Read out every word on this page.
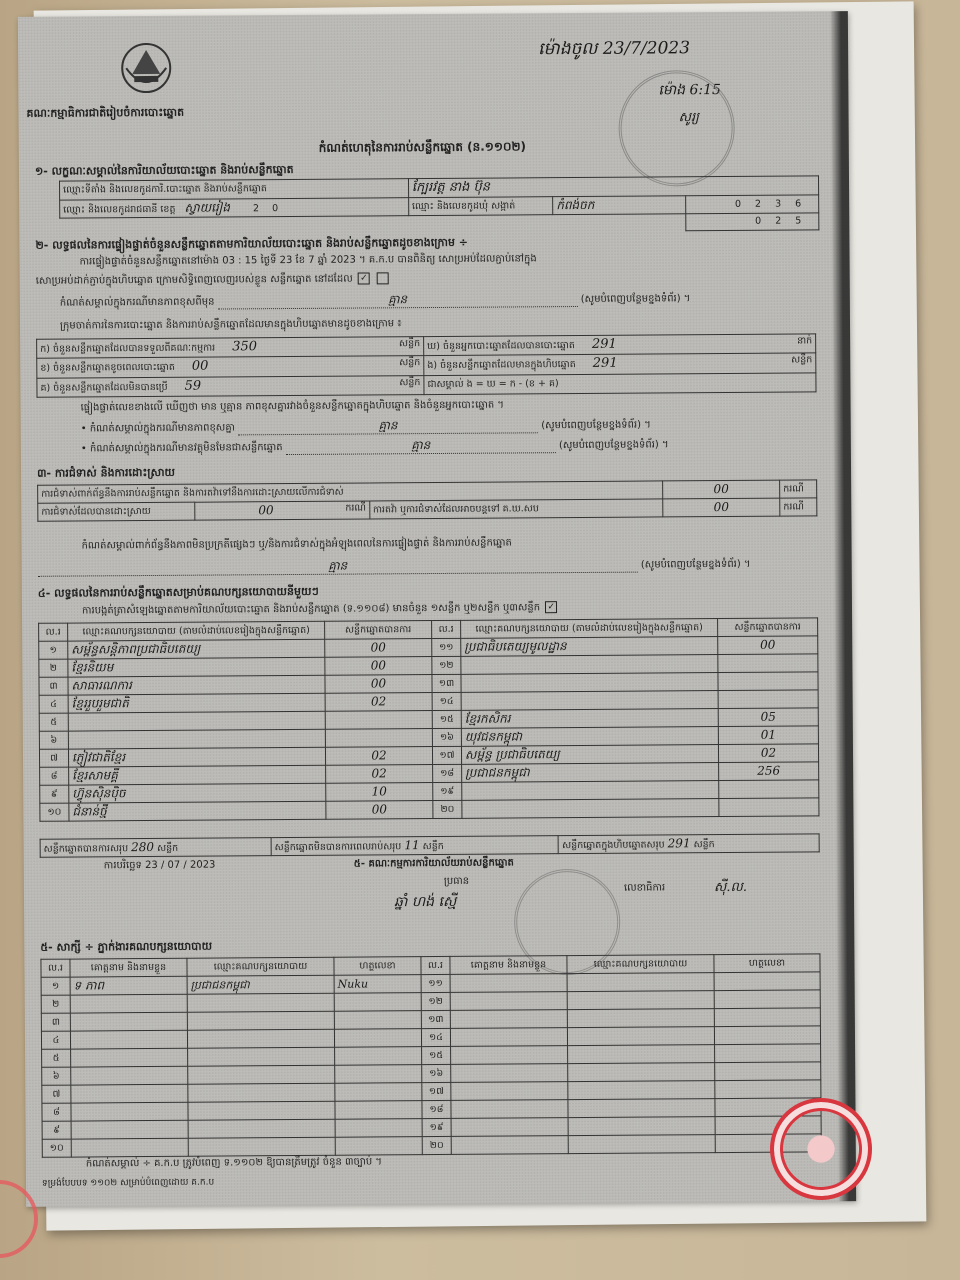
គណៈកម្មាធិការជាតិរៀបចំការបោះឆ្នោត
ម៉ោងចូល 23/7/2023
ម៉ោង 6:15
សូរ្យ
កំណត់ហេតុនៃការរាប់សន្លឹកឆ្នោត (ន.១១០២)
១- លក្ខណៈសម្គាល់នៃការិយាល័យបោះឆ្នោត និងរាប់សន្លឹកឆ្នោត
ឈ្មោះទីតាំង និងលេខកូដការិ.បោះឆ្នោត និងរាប់សន្លឹកឆ្នោត	ក្បែរវត្ត នាង ប៊ុន		
ឈ្មោះ និងលេខកូដរាជធានី ខេត្ត ស្វាយរៀង 2 0	ឈ្មោះ និងលេខកូដឃុំ សង្កាត់	កំពង់ចក	0236
			025
២- លទ្ធផលនៃការផ្ទៀងផ្ទាត់ចំនួនសន្លឹកឆ្នោតតាមការិយាល័យបោះឆ្នោត និងរាប់សន្លឹកឆ្នោតដូចខាងក្រោម ÷
ការផ្ទៀងផ្ទាត់ចំនួនសន្លឹកឆ្នោតនៅម៉ោង 03 : 15 ថ្ងៃទី 23 ខែ 7 ឆ្នាំ 2023 ។ គ.ក.ប បានពិនិត្យ សោប្រអប់ដែលភ្ជាប់នៅក្នុង
សោប្រអប់ដាក់ភ្ជាប់ក្នុងហិបឆ្នោត ក្រោមសិទ្ធិពេញលេញរបស់ខ្លួន សន្លឹកឆ្នោត នៅដដែល ✓
កំណត់សម្គាល់ក្នុងករណីមានភាពខុសពីមុន	គ្មាន	(សូមបំពេញបន្ថែមខ្នងទំព័រ) ។
ក្រុមចាត់ការនៃការបោះឆ្នោត និងការរាប់សន្លឹកឆ្នោតដែលមានក្នុងហិបឆ្នោតមានដូចខាងក្រោម ៖
ក) ចំនួនសន្លឹកឆ្នោតដែលបានទទួលពីគណៈកម្មការ 350 សន្លឹក	ឃ) ចំនួនអ្នកបោះឆ្នោតដែលបានបោះឆ្នោត 291 នាក់

ខ) ចំនួនសន្លឹកឆ្នោតខូចពេលបោះឆ្នោត 00 សន្លឹក	ង) ចំនួនសន្លឹកឆ្នោតដែលមានក្នុងហិបឆ្នោត 291 សន្លឹក

គ) ចំនួនសន្លឹកឆ្នោតដែលមិនបានប្រើ 59 សន្លឹក	ជាសម្គាល់ ង = ឃ = ក - (ខ + គ)
ផ្ទៀងផ្ទាត់លេខខាងលើ ឃើញថា មាន ឬគ្មាន ភាពខុសគ្នារវាងចំនួនសន្លឹកឆ្នោតក្នុងហិបឆ្នោត និងចំនួនអ្នកបោះឆ្នោត ។
• កំណត់សម្គាល់ក្នុងករណីមានភាពខុសគ្នា	គ្មាន	(សូមបំពេញបន្ថែមខ្នងទំព័រ) ។
• កំណត់សម្គាល់ក្នុងករណីមានវត្ថុមិនមែនជាសន្លឹកឆ្នោត	គ្មាន	(សូមបំពេញបន្ថែមខ្នងទំព័រ) ។
៣- ការជំទាស់ និងការដោះស្រាយ
ការជំទាស់ពាក់ព័ន្ធនឹងការរាប់សន្លឹកឆ្នោត និងការតវ៉ាទៅនឹងការដោះស្រាយលើការជំទាស់			00	ករណី
ការជំទាស់ដែលបានដោះស្រាយ	00 ករណី	ការតវ៉ា ឬការជំទាស់ដែលអាចបន្តទៅ គ.ឃ.សប	00	ករណី
កំណត់សម្គាល់ពាក់ព័ន្ធនឹងភាពមិនប្រក្រតីផ្សេងៗ ឬ/និងការជំទាស់ក្នុងអំឡុងពេលនៃការផ្ទៀងផ្ទាត់ និងការរាប់សន្លឹកឆ្នោត
គ្មាន	(សូមបំពេញបន្ថែមខ្នងទំព័រ) ។
៤- លទ្ធផលនៃការរាប់សន្លឹកឆ្នោតសម្រាប់គណបក្សនយោបាយនីមួយៗ
ការបង្កត់ត្រាសំឡេងឆ្នោតតាមការិយាល័យបោះឆ្នោត និងរាប់សន្លឹកឆ្នោត (ទ.១១០៨) មានចំនួន ១សន្លឹក ឬ២សន្លឹក ឬ៣សន្លឹក ✓
ល.រ	ឈ្មោះគណបក្សនយោបាយ (តាមលំដាប់លេខរៀងក្នុងសន្លឹកឆ្នោត)	សន្លឹកឆ្នោតបានការ	ល.រ	ឈ្មោះគណបក្សនយោបាយ (តាមលំដាប់លេខរៀងក្នុងសន្លឹកឆ្នោត)	សន្លឹកឆ្នោតបានការ
១	សម្ព័ន្ធសន្តិភាពប្រជាធិបតេយ្យ	00	១១	ប្រជាធិបតេយ្យមូលដ្ឋាន	00
២	ខ្មែរនិយម	00	១២		
៣	សាធារណការ	00	១៣		
៤	ខ្មែររួបរួមជាតិ	02	១៤		
៥			១៥	ខ្មែរកសិករ	05
៦			១៦	យុវជនកម្ពុជា	01
៧	ភ្ញៀវជាតិខ្មែរ	02	១៧	សម្ព័ន្ធ ប្រជាធិបតេយ្យ	02
៨	ខ្មែរសាមគ្គី	02	១៨	ប្រជាជនកម្ពុជា	256
៩	ហ៊្វុនស៊ិនប៉ិច	10	១៩		
១០	ជំនាន់ថ្មី	00	២០		
សន្លឹកឆ្នោតបានការសរុប 280 សន្លឹក	សន្លឹកឆ្នោតមិនបានការពេលរាប់សរុប 11 សន្លឹក	សន្លឹកឆ្នោតក្នុងហិបឆ្នោតសរុប 291 សន្លឹក
ការបរិច្ឆេទ 23 / 07 / 2023	៥- គណៈកម្មការការិយាល័យរាប់សន្លឹកឆ្នោត
ប្រធាន
ឆ្នាំ ហង់ ស្មើ
លេខាធិការ	ស៊ី.ល.
៥- សាក្សី ÷ ភ្នាក់ងារគណបក្សនយោបាយ
ល.រ	គោត្តនាម និងនាមខ្លួន	ឈ្មោះគណបក្សនយោបាយ	ហត្ថលេខា	ល.រ	គោត្តនាម និងនាមខ្លួន	ឈ្មោះគណបក្សនយោបាយ	ហត្ថលេខា
១	ទ ភាព	ប្រជាជនកម្ពុជា	Nuku	១១			
២				១២			
៣				១៣			
៤				១៤			
៥				១៥			
៦				១៦			
៧				១៧			
៨				១៨			
៩				១៩			
១០				២០			
កំណត់សម្គាល់ ÷ គ.ក.ប ត្រូវបំពេញ ទ.១១០២ ឱ្យបានត្រឹមត្រូវ ចំនួន ៣ច្បាប់ ។
ទម្រង់បែបបទ ១១០២ សម្រាប់បំពេញដោយ គ.ក.ប
